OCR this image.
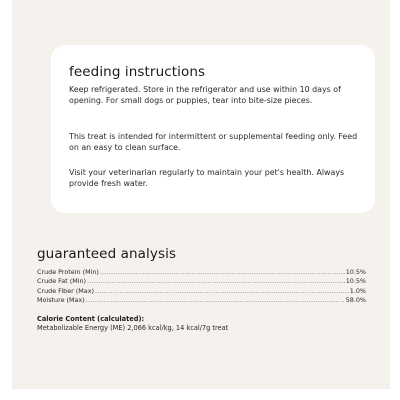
feeding instructions
Keep refrigerated. Store in the refrigerator and use within 10 days of opening. For small dogs or puppies, tear into bite-size pieces.
This treat is intended for intermittent or supplemental feeding only. Feed on an easy to clean surface.
Visit your veterinarian regularly to maintain your pet's health. Always provide fresh water.
guaranteed analysis
Crude Protein (Min) .....	10.5%
Crude Fat (Min) .....	10.5%
Crude Fiber (Max) .....	1.0%
Moisture (Max) .....	58.0%
Calorie Content (calculated):
Metabolizable Energy (ME) 2,066 kcal/kg, 14 kcal/7g treat
